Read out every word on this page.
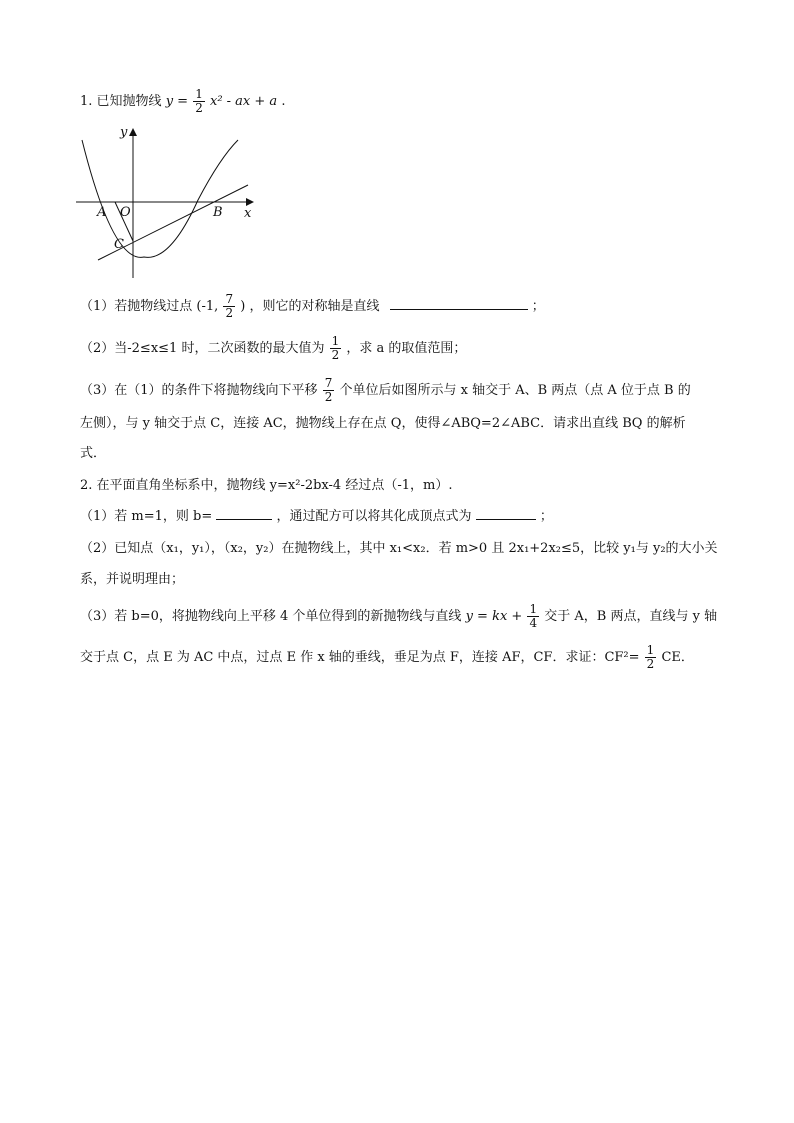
1. 已知抛物线 $y = \frac{1}{2} x^2$ - ax + a .
y
x
O
A	B
C
（1）若抛物线过点 (-1, $\frac{7}{2}$ ) ，则它的对称轴是直线	；
（2）当-2≤x≤1 时，二次函数的最大值为 $\frac{1}{2}$ ，求 a 的取值范围；
（3）在（1）的条件下将抛物线向下平移 $\frac{7}{2}$ 个单位后如图所示与 x 轴交于 A、B 两点（点 A 位于点 B 的
左侧），与 y 轴交于点 C，连接 AC，抛物线上存在点 Q，使得∠ABQ=2∠ABC．请求出直线 BQ 的解析
式．
2. 在平面直角坐标系中，抛物线 y=x²-2bx-4 经过点（-1，m）.
（1）若 m=1，则 b=	，通过配方可以将其化成顶点式为	；
（2）已知点（x₁，y₁），（x₂，y₂）在抛物线上，其中 x₁<x₂．若 m>0 且 2x₁+2x₂≤5，比较 y₁与 y₂的大小关
系，并说明理由；
（3）若 b=0，将抛物线向上平移 4 个单位得到的新抛物线与直线 y = kx + $\frac{1}{4}$ 交于 A，B 两点，直线与 y 轴
交于点 C，点 E 为 AC 中点，过点 E 作 x 轴的垂线，垂足为点 F，连接 AF，CF．求证：$CF^2= \frac{1}{2}$ CE．
